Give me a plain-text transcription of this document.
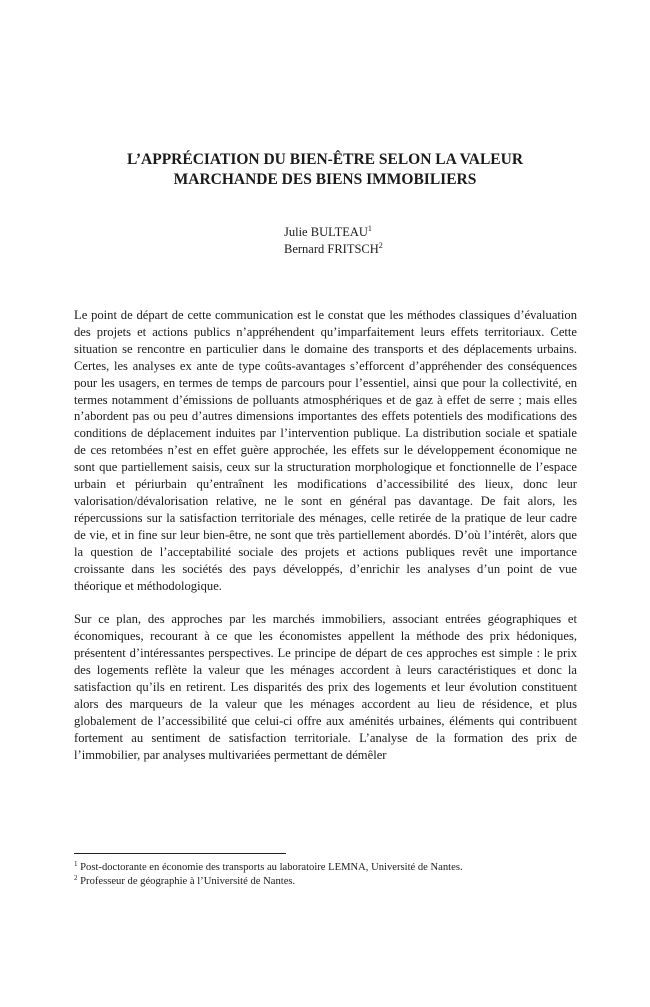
L’APPRÉCIATION DU BIEN-ÊTRE SELON LA VALEUR
MARCHANDE DES BIENS IMMOBILIERS
Julie BULTEAU$^1$
Bernard FRITSCH$^2$

Le point de départ de cette communication est le constat que les méthodes classiques d’évaluation des projets et actions publics n’appréhendent qu’imparfaitement leurs effets territoriaux. Cette situation se rencontre en particulier dans le domaine des transports et des déplacements urbains. Certes, les analyses ex ante de type coûts-avantages s’efforcent d’appréhender des conséquences pour les usagers, en termes de temps de parcours pour l’essentiel, ainsi que pour la collectivité, en termes notamment d’émissions de polluants atmosphériques et de gaz à effet de serre ; mais elles n’abordent pas ou peu d’autres dimensions importantes des effets potentiels des modifications des conditions de déplacement induites par l’intervention publique. La distribution sociale et spatiale de ces retombées n’est en effet guère approchée, les effets sur le développement économique ne sont que partiellement saisis, ceux sur la structuration morphologique et fonctionnelle de l’espace urbain et périurbain qu’entraînent les modifications d’accessibilité des lieux, donc leur valorisation/dévalorisation relative, ne le sont en général pas davantage. De fait alors, les répercussions sur la satisfaction territoriale des ménages, celle retirée de la pratique de leur cadre de vie, et in fine sur leur bien-être, ne sont que très partiellement abordés. D’où l’intérêt, alors que la question de l’acceptabilité sociale des projets et actions publiques revêt une importance croissante dans les sociétés des pays développés, d’enrichir les analyses d’un point de vue théorique et méthodologique.

Sur ce plan, des approches par les marchés immobiliers, associant entrées géographiques et économiques, recourant à ce que les économistes appellent la méthode des prix hédoniques, présentent d’intéressantes perspectives. Le principe de départ de ces approches est simple : le prix des logements reflète la valeur que les ménages accordent à leurs caractéristiques et donc la satisfaction qu’ils en retirent. Les disparités des prix des logements et leur évolution constituent alors des marqueurs de la valeur que les ménages accordent au lieu de résidence, et plus globalement de l’accessibilité que celui-ci offre aux aménités urbaines, éléments qui contribuent fortement au sentiment de satisfaction territoriale. L’analyse de la formation des prix de l’immobilier, par analyses multivariées permettant de démêler

$^1$ Post-doctorante en économie des transports au laboratoire LEMNA, Université de Nantes.
$^2$ Professeur de géographie à l’Université de Nantes.
